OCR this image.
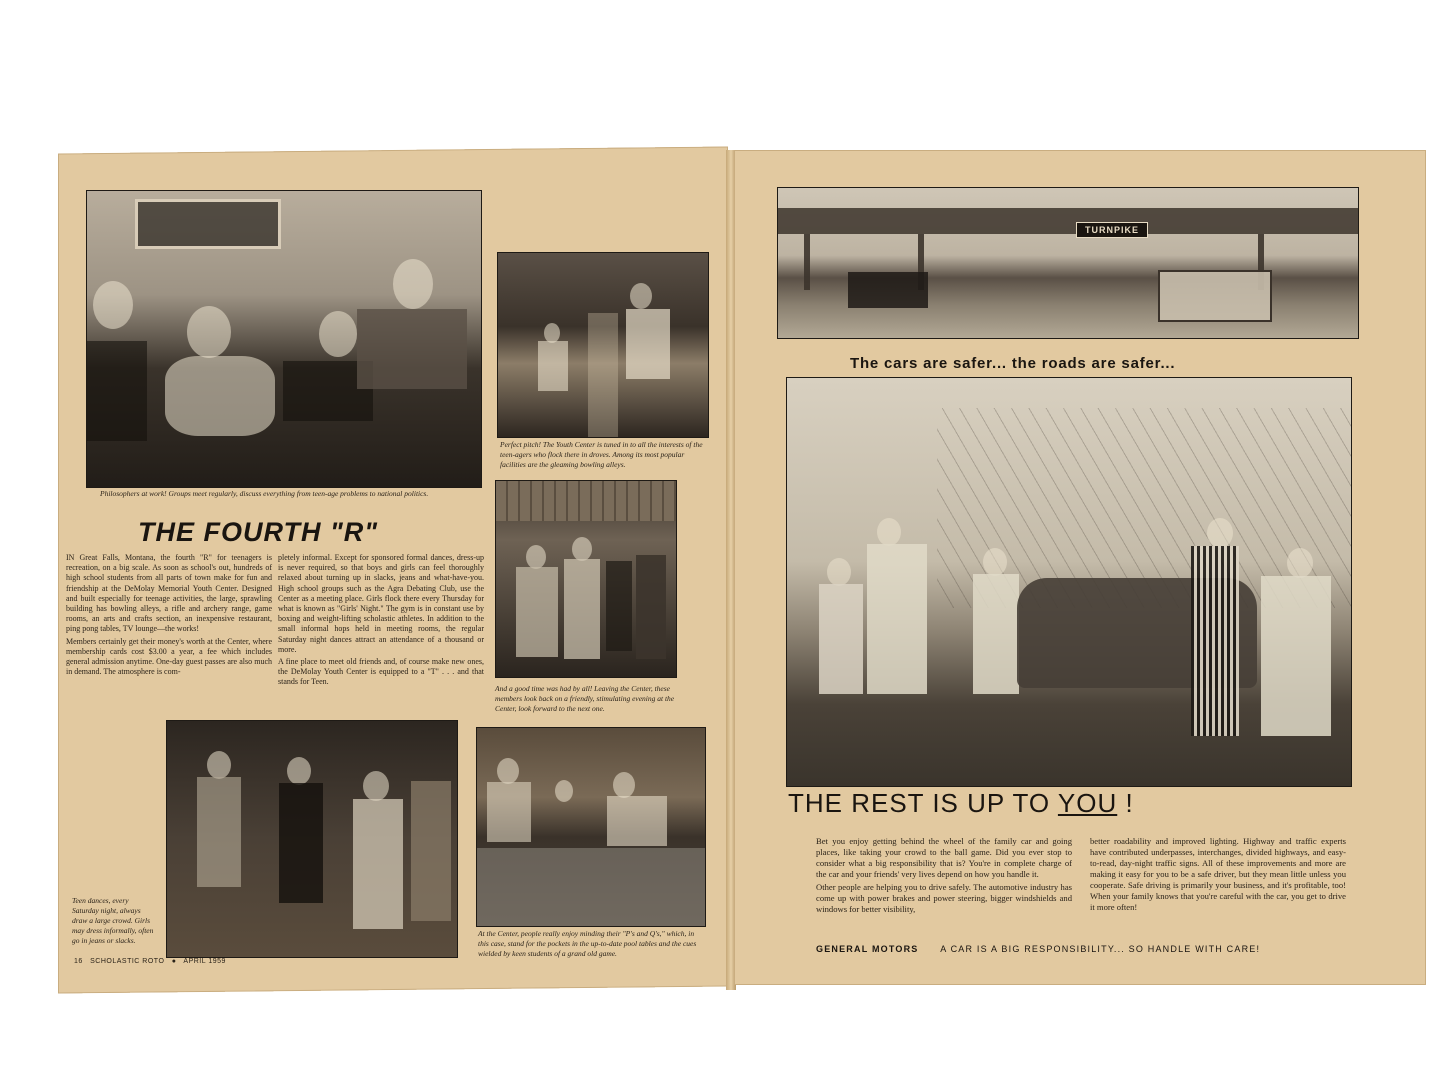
Philosophers at work! Groups meet regularly, discuss everything from teen-age problems to national politics.
Perfect pitch! The Youth Center is tuned in to all the interests of the teen-agers who flock there in droves. Among its most popular facilities are the gleaming bowling alleys.
THE FOURTH "R"

IN Great Falls, Montana, the fourth "R" for teenagers is recreation, on a big scale. As soon as school's out, hundreds of high school students from all parts of town make for fun and friendship at the DeMolay Memorial Youth Center. Designed and built especially for teenage activities, the large, sprawling building has bowling alleys, a rifle and archery range, game rooms, an arts and crafts section, an inexpensive restaurant, ping pong tables, TV lounge—the works!

Members certainly get their money's worth at the Center, where membership cards cost $3.00 a year, a fee which includes general admission anytime. One-day guest passes are also much in demand. The atmosphere is com-

pletely informal. Except for sponsored formal dances, dress-up is never required, so that boys and girls can feel thoroughly relaxed about turning up in slacks, jeans and what-have-you. High school groups such as the Agra Debating Club, use the Center as a meeting place. Girls flock there every Thursday for what is known as "Girls' Night." The gym is in constant use by boxing and weight-lifting scholastic athletes. In addition to the small informal hops held in meeting rooms, the regular Saturday night dances attract an attendance of a thousand or more.

A fine place to meet old friends and, of course make new ones, the DeMolay Youth Center is equipped to a "T" . . . and that stands for Teen.

And a good time was had by all! Leaving the Center, these members look back on a friendly, stimulating evening at the Center, look forward to the next one.
Teen dances, every Saturday night, always draw a large crowd. Girls may dress informally, often go in jeans or slacks.
At the Center, people really enjoy minding their "P's and Q's," which, in this case, stand for the pockets in the up-to-date pool tables and the cues wielded by keen students of a grand old game.
16   SCHOLASTIC ROTO   ●   APRIL 1959
TURNPIKE
The cars are safer... the roads are safer...
THE REST IS UP TO YOU !

Bet you enjoy getting behind the wheel of the family car and going places, like taking your crowd to the ball game. Did you ever stop to consider what a big responsibility that is? You're in complete charge of the car and your friends' very lives depend on how you handle it.

Other people are helping you to drive safely. The automotive industry has come up with power brakes and power steering, bigger windshields and windows for better visibility,

better roadability and improved lighting. Highway and traffic experts have contributed underpasses, interchanges, divided highways, and easy-to-read, day-night traffic signs. All of these improvements and more are making it easy for you to be a safe driver, but they mean little unless you cooperate. Safe driving is primarily your business, and it's profitable, too! When your family knows that you're careful with the car, you get to drive it more often!

GENERAL MOTORS A CAR IS A BIG RESPONSIBILITY... SO HANDLE WITH CARE!
